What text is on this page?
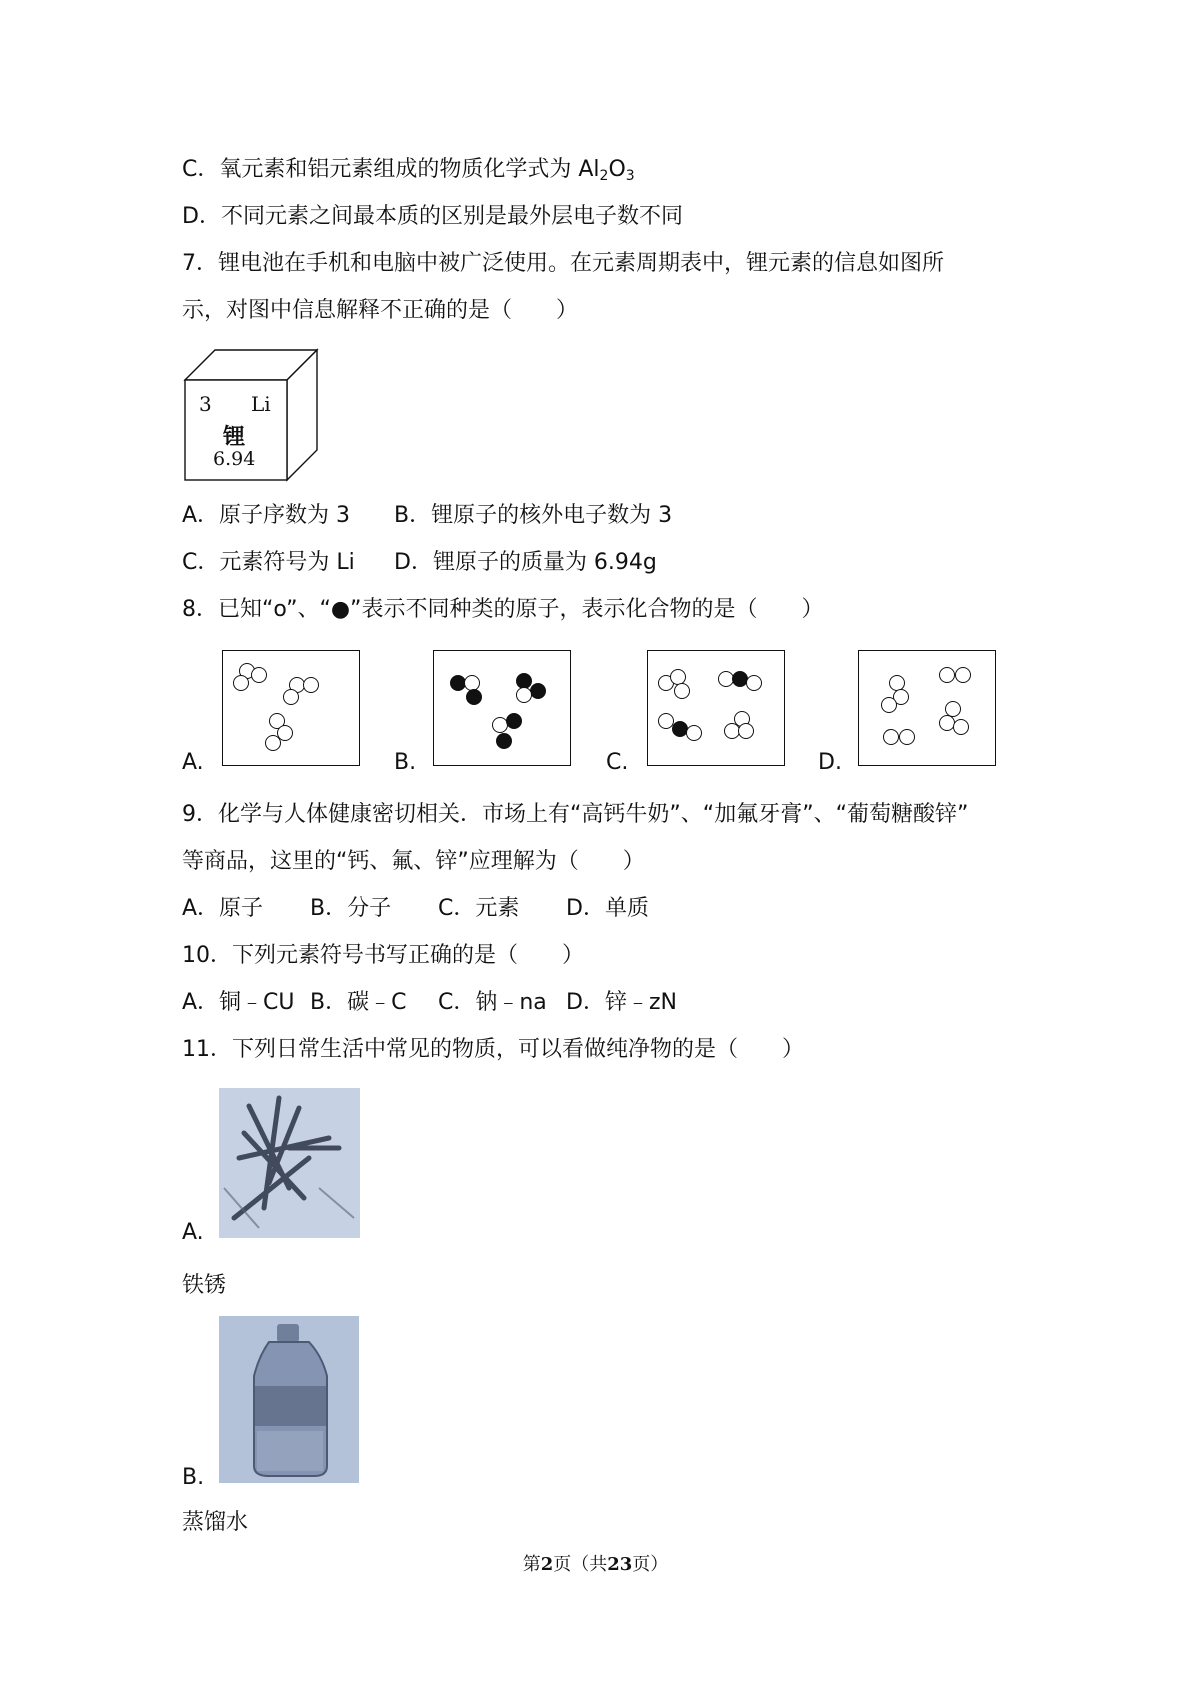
C．氧元素和铝元素组成的物质化学式为 $Al_2O_3$
D．不同元素之间最本质的区别是最外层电子数不同
7．锂电池在手机和电脑中被广泛使用。在元素周期表中，锂元素的信息如图所
示，对图中信息解释不正确的是（　　）
3 Li
锂
6.94
A．原子序数为 3 B．锂原子的核外电子数为 3
C．元素符号为 Li D．锂原子的质量为 6.94g
8．已知“o”、“●”表示不同种类的原子，表示化合物的是（　　）
A.	B.	C.	D.
9．化学与人体健康密切相关．市场上有“高钙牛奶”、“加氟牙膏”、“葡萄糖酸锌”
等商品，这里的“钙、氟、锌”应理解为（　　）
A．原子 B．分子 C．元素 D．单质
10．下列元素符号书写正确的是（　　）
A．铜﹣CU B．碳﹣C C．钠﹣na D．锌﹣zN
11．下列日常生活中常见的物质，可以看做纯净物的是（　　）
A.
铁锈
B.
蒸馏水
第2页（共23页）
